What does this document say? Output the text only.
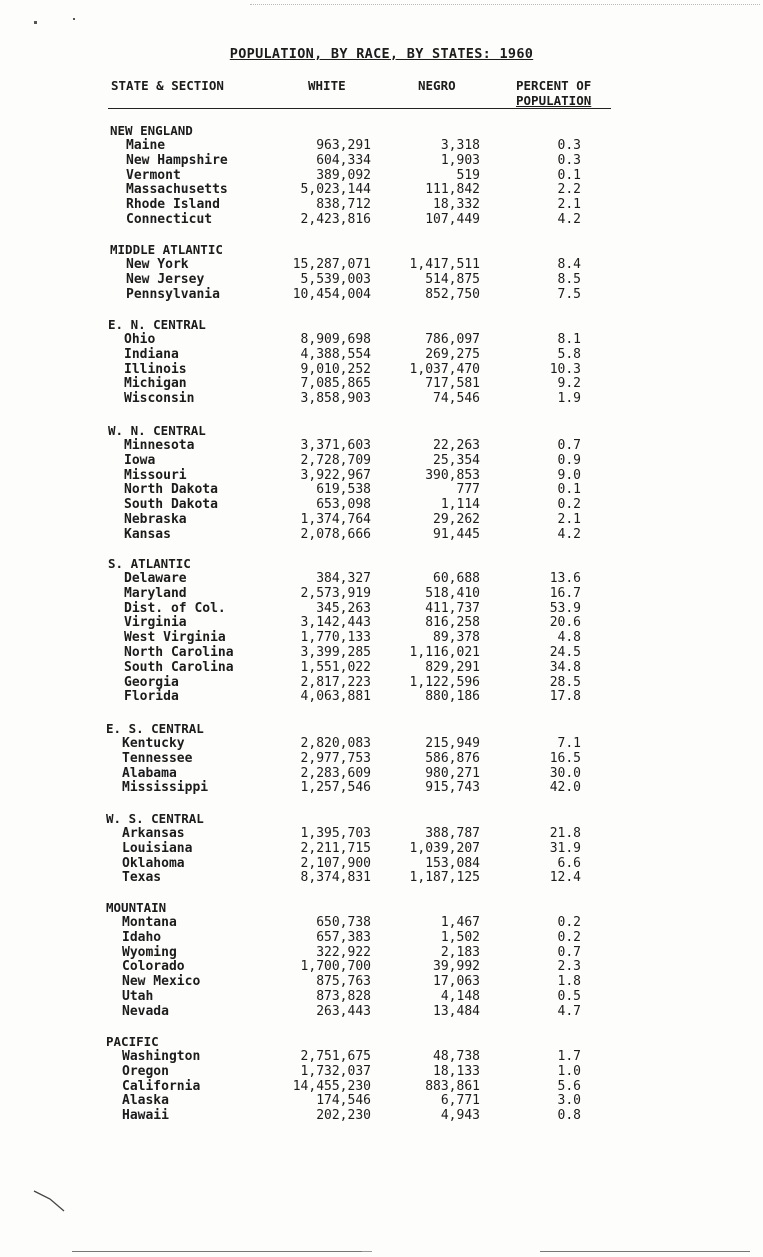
POPULATION, BY RACE, BY STATES: 1960
STATE & SECTION	WHITE	NEGRO	PERCENT OF
POPULATION
NEW ENGLAND
Maine	963,291	3,318	0.3
New Hampshire	604,334	1,903	0.3
Vermont	389,092	519	0.1
Massachusetts	5,023,144	111,842	2.2
Rhode Island	838,712	18,332	2.1
Connecticut	2,423,816	107,449	4.2
MIDDLE ATLANTIC
New York	15,287,071	1,417,511	8.4
New Jersey	5,539,003	514,875	8.5
Pennsylvania	10,454,004	852,750	7.5
E. N. CENTRAL
Ohio	8,909,698	786,097	8.1
Indiana	4,388,554	269,275	5.8
Illinois	9,010,252	1,037,470	10.3
Michigan	7,085,865	717,581	9.2
Wisconsin	3,858,903	74,546	1.9
W. N. CENTRAL
Minnesota	3,371,603	22,263	0.7
Iowa	2,728,709	25,354	0.9
Missouri	3,922,967	390,853	9.0
North Dakota	619,538	777	0.1
South Dakota	653,098	1,114	0.2
Nebraska	1,374,764	29,262	2.1
Kansas	2,078,666	91,445	4.2
S. ATLANTIC
Delaware	384,327	60,688	13.6
Maryland	2,573,919	518,410	16.7
Dist. of Col.	345,263	411,737	53.9
Virginia	3,142,443	816,258	20.6
West Virginia	1,770,133	89,378	4.8
North Carolina	3,399,285	1,116,021	24.5
South Carolina	1,551,022	829,291	34.8
Georgia	2,817,223	1,122,596	28.5
Florida	4,063,881	880,186	17.8
E. S. CENTRAL
Kentucky	2,820,083	215,949	7.1
Tennessee	2,977,753	586,876	16.5
Alabama	2,283,609	980,271	30.0
Mississippi	1,257,546	915,743	42.0
W. S. CENTRAL
Arkansas	1,395,703	388,787	21.8
Louisiana	2,211,715	1,039,207	31.9
Oklahoma	2,107,900	153,084	6.6
Texas	8,374,831	1,187,125	12.4
MOUNTAIN
Montana	650,738	1,467	0.2
Idaho	657,383	1,502	0.2
Wyoming	322,922	2,183	0.7
Colorado	1,700,700	39,992	2.3
New Mexico	875,763	17,063	1.8
Utah	873,828	4,148	0.5
Nevada	263,443	13,484	4.7
PACIFIC
Washington	2,751,675	48,738	1.7
Oregon	1,732,037	18,133	1.0
California	14,455,230	883,861	5.6
Alaska	174,546	6,771	3.0
Hawaii	202,230	4,943	0.8
